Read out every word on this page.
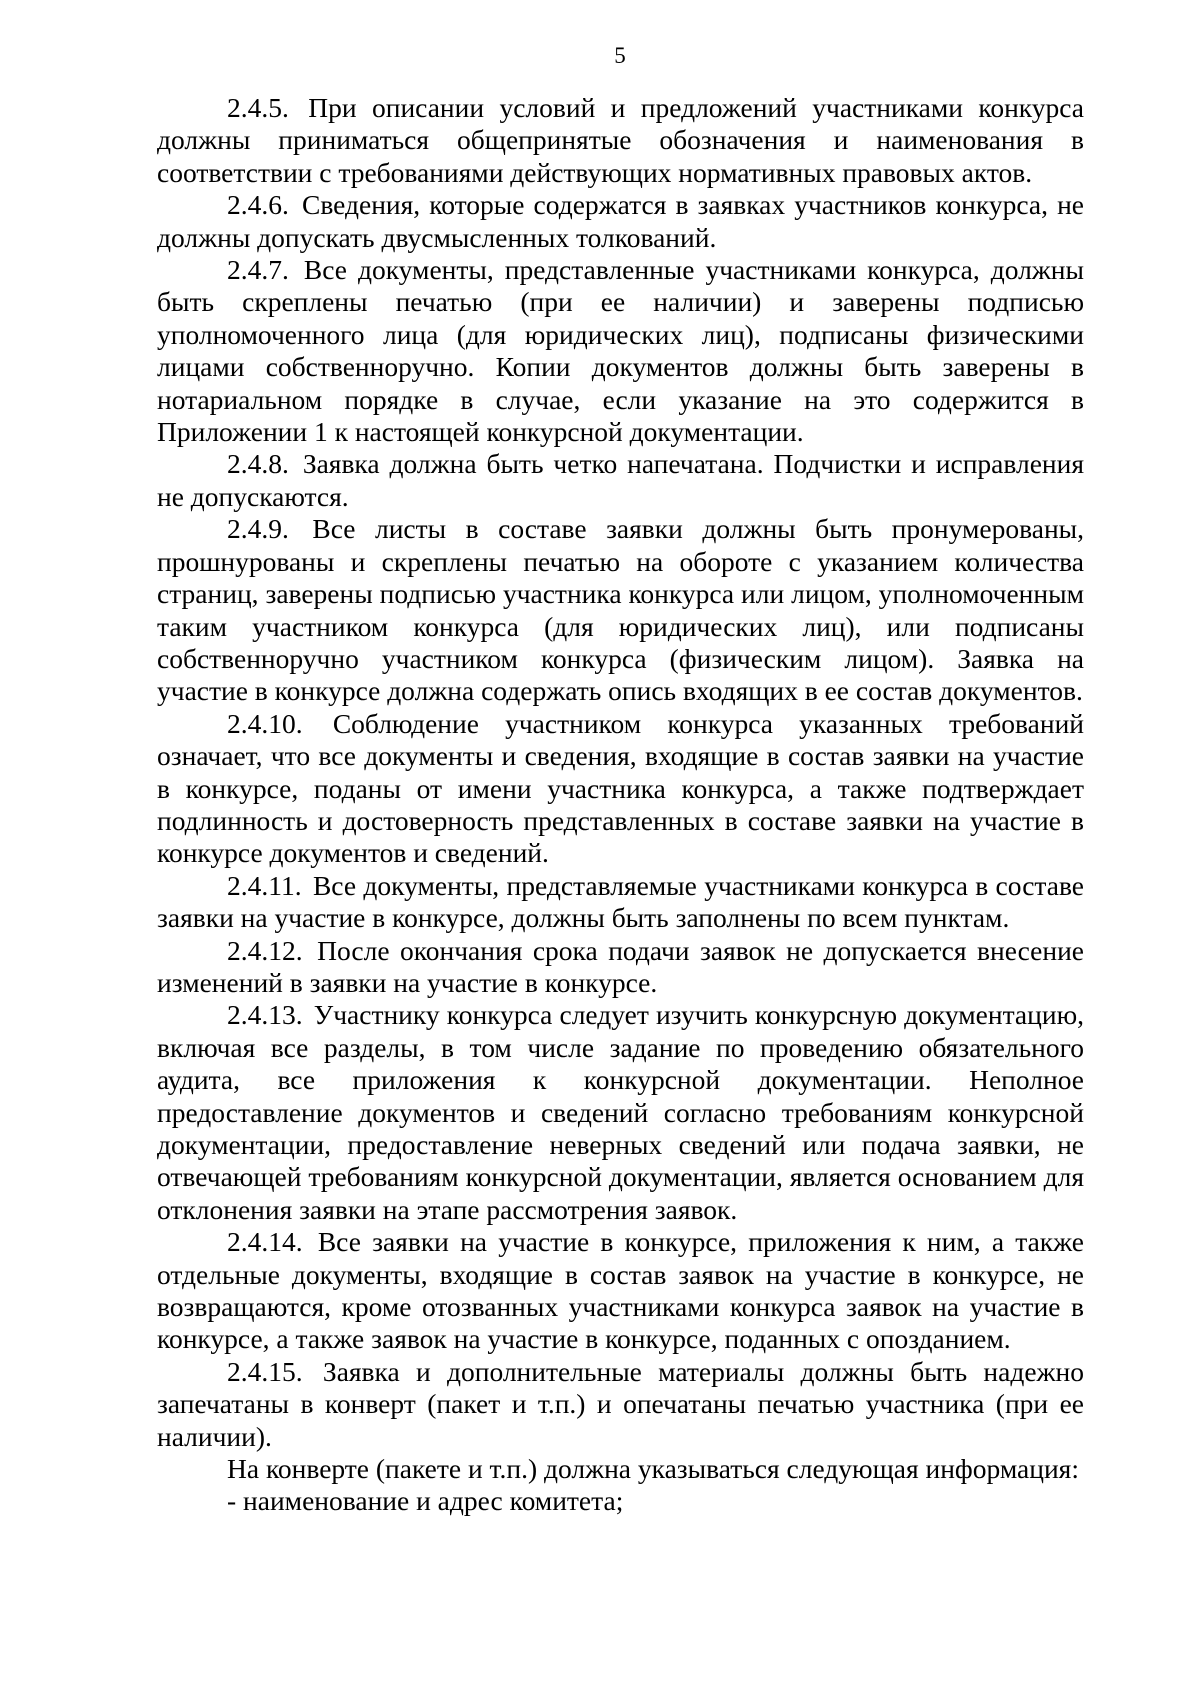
5

2.4.5. При описании условий и предложений участниками конкурса должны приниматься общепринятые обозначения и наименования в соответствии с требованиями действующих нормативных правовых актов.

2.4.6. Сведения, которые содержатся в заявках участников конкурса, не должны допускать двусмысленных толкований.

2.4.7. Все документы, представленные участниками конкурса, должны быть скреплены печатью (при ее наличии) и заверены подписью уполномоченного лица (для юридических лиц), подписаны физическими лицами собственноручно. Копии документов должны быть заверены в нотариальном порядке в случае, если указание на это содержится в Приложении 1 к настоящей конкурсной документации.

2.4.8. Заявка должна быть четко напечатана. Подчистки и исправления не допускаются.

2.4.9. Все листы в составе заявки должны быть пронумерованы, прошнурованы и скреплены печатью на обороте с указанием количества страниц, заверены подписью участника конкурса или лицом, уполномоченным таким участником конкурса (для юридических лиц), или подписаны собственноручно участником конкурса (физическим лицом). Заявка на участие в конкурсе должна содержать опись входящих в ее состав документов.

2.4.10. Соблюдение участником конкурса указанных требований означает, что все документы и сведения, входящие в состав заявки на участие в конкурсе, поданы от имени участника конкурса, а также подтверждает подлинность и достоверность представленных в составе заявки на участие в конкурсе документов и сведений.

2.4.11. Все документы, представляемые участниками конкурса в составе заявки на участие в конкурсе, должны быть заполнены по всем пунктам.

2.4.12. После окончания срока подачи заявок не допускается внесение изменений в заявки на участие в конкурсе.

2.4.13. Участнику конкурса следует изучить конкурсную документацию, включая все разделы, в том числе задание по проведению обязательного аудита, все приложения к конкурсной документации. Неполное предоставление документов и сведений согласно требованиям конкурсной документации, предоставление неверных сведений или подача заявки, не отвечающей требованиям конкурсной документации, является основанием для отклонения заявки на этапе рассмотрения заявок.

2.4.14. Все заявки на участие в конкурсе, приложения к ним, а также отдельные документы, входящие в состав заявок на участие в конкурсе, не возвращаются, кроме отозванных участниками конкурса заявок на участие в конкурсе, а также заявок на участие в конкурсе, поданных с опозданием.

2.4.15. Заявка и дополнительные материалы должны быть надежно запечатаны в конверт (пакет и т.п.) и опечатаны печатью участника (при ее наличии).

На конверте (пакете и т.п.) должна указываться следующая информация:

- наименование и адрес комитета;
